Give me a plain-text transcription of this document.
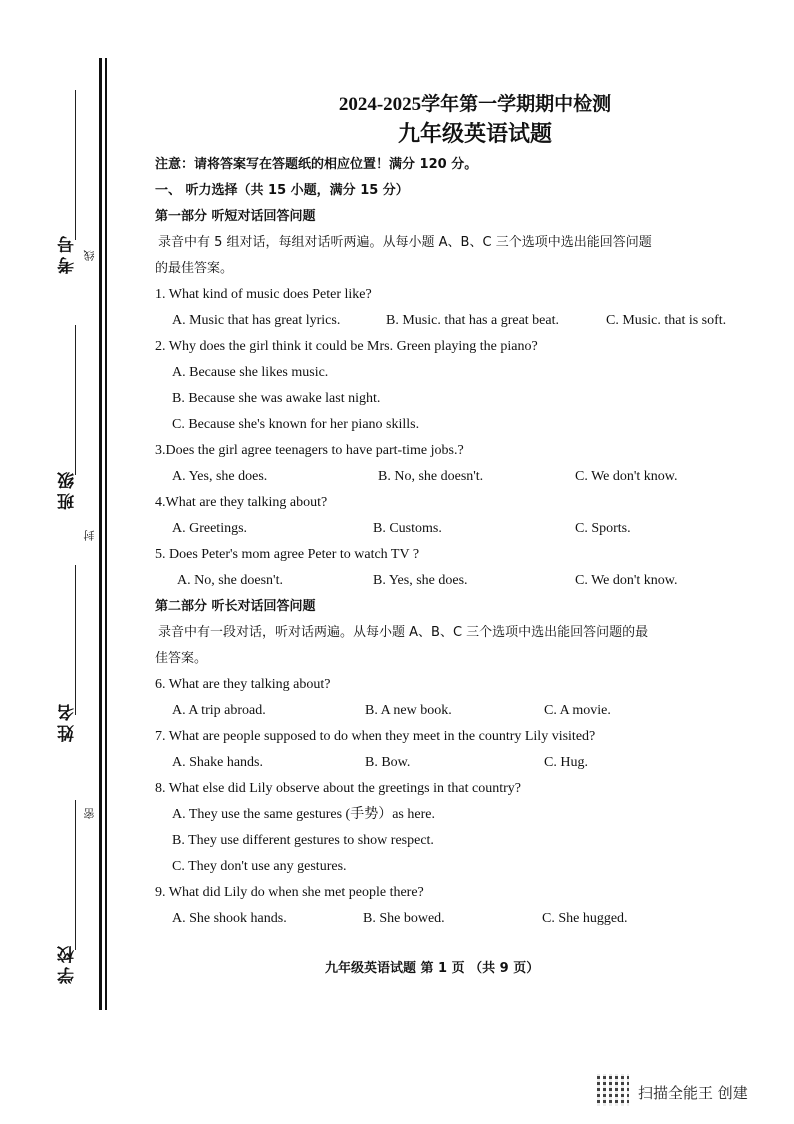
考号 线
班级
封
姓名
密
学校
2024-2025学年第一学期期中检测
九年级英语试题
注意：请将答案写在答题纸的相应位置！满分 120 分。
一、 听力选择（共 15 小题，满分 15 分）
第一部分 听短对话回答问题
录音中有 5 组对话，每组对话听两遍。从每小题 A、B、C 三个选项中选出能回答问题
的最佳答案。
1. What kind of music does Peter like?
A. Music that has great lyrics.	B. Music. that has a great beat.	C. Music. that is soft.
2. Why does the girl think it could be Mrs. Green playing the piano?
A. Because she likes music.
B. Because she was awake last night.
C. Because she's known for her piano skills.
3.Does the girl agree teenagers to have part-time jobs.?
A. Yes, she does.	B. No, she doesn't.	C. We don't know.
4.What are they talking about?
A. Greetings.	B. Customs.	C. Sports.
5. Does Peter's mom agree Peter to watch TV ?
A. No, she doesn't.	B. Yes, she does.	C. We don't know.
第二部分 听长对话回答问题
录音中有一段对话，听对话两遍。从每小题 A、B、C 三个选项中选出能回答问题的最
佳答案。
6. What are they talking about?
A. A trip abroad.	B. A new book.	C. A movie.
7. What are people supposed to do when they meet in the country Lily visited?
A. Shake hands.	B. Bow.	C. Hug.
8. What else did Lily observe about the greetings in that country?
A. They use the same gestures (手势）as here.
B. They use different gestures to show respect.
C. They don't use any gestures.
9. What did Lily do when she met people there?
A. She shook hands.	B. She bowed.	C. She hugged.
九年级英语试题 第 1 页 （共 9 页）
扫描全能王 创建
